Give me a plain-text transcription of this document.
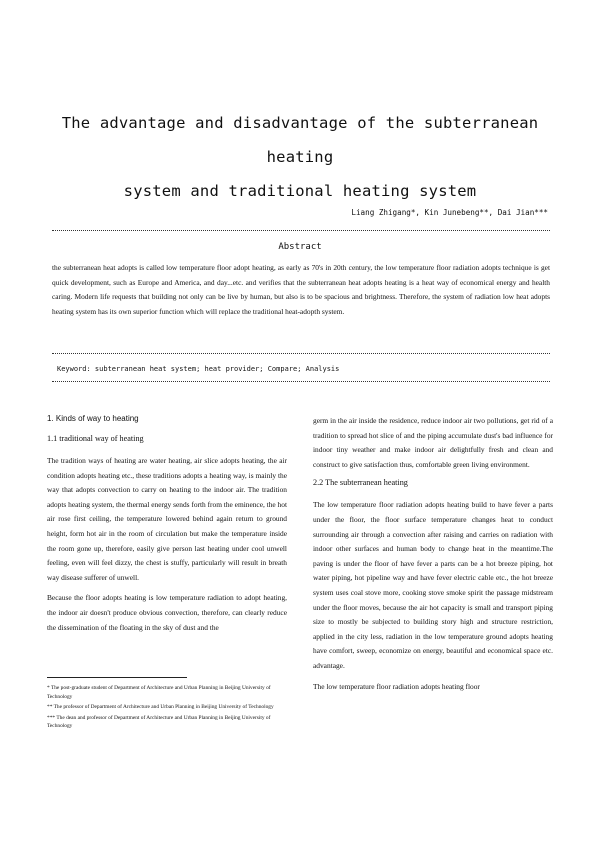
The advantage and disadvantage of the subterranean heating
system and traditional heating system
Liang Zhigang*, Kin Junebeng**, Dai Jian***
Abstract
the subterranean heat adopts is called low temperature floor adopt heating, as early as 70's in 20th century, the low temperature floor radiation adopts technique is get quick development, such as Europe and America, and day...etc. and verifies that the subterranean heat adopts heating is a heat way of economical energy and health caring. Modern life requests that building not only can be live by human, but also is to be spacious and brightness. Therefore, the system of radiation low heat adopts heating system has its own superior function which will replace the traditional heat-adopth system.
Keyword: subterranean heat system; heat provider; Compare; Analysis
1. Kinds of way to heating
1.1 traditional way of heating

The tradition ways of heating are water heating, air slice adopts heating, the air condition adopts heating etc., these traditions adopts a heating way, is mainly the way that adopts convection to carry on heating to the indoor air. The tradition adopts heating system, the thermal energy sends forth from the eminence, the hot air rose first ceiling, the temperature lowered behind again return to ground height, form hot air in the room of circulation but make the temperature inside the room gone up, therefore, easily give person last heating under cool unwell feeling, even will feel dizzy, the chest is stuffy, particularly will result in breath way disease sufferer of unwell.

Because the floor adopts heating is low temperature radiation to adopt heating, the indoor air doesn't produce obvious convection, therefore, can clearly reduce the dissemination of the floating in the sky of dust and the

* The post-graduate student of Department of Architecture and Urban Planning in Beijing University of Technology
** The professor of Department of Architecture and Urban Planning in Beijing University of Technology
*** The dean and professor of Department of Architecture and Urban Planning in Beijing University of Technology

germ in the air inside the residence, reduce indoor air two pollutions, get rid of a tradition to spread hot slice of and the piping accumulate dust's bad influence for indoor tiny weather and make indoor air delightfully fresh and clean and construct to give satisfaction thus, comfortable green living environment.

2.2 The subterranean heating

The low temperature floor radiation adopts heating build to have fever a parts under the floor, the floor surface temperature changes heat to conduct surrounding air through a convection after raising and carries on radiation with indoor other surfaces and human body to change heat in the meantime.The paving is under the floor of have fever a parts can be a hot breeze piping, hot water piping, hot pipeline way and have fever electric cable etc., the hot breeze system uses coal stove more, cooking stove smoke spirit the passage midstream under the floor moves, because the air hot capacity is small and transport piping size to mostly be subjected to building story high and structure restriction, applied in the city less, radiation in the low temperature ground adopts heating have comfort, sweep, economize on energy, beautiful and economical space etc. advantage.

The low temperature floor radiation adopts heating floor
